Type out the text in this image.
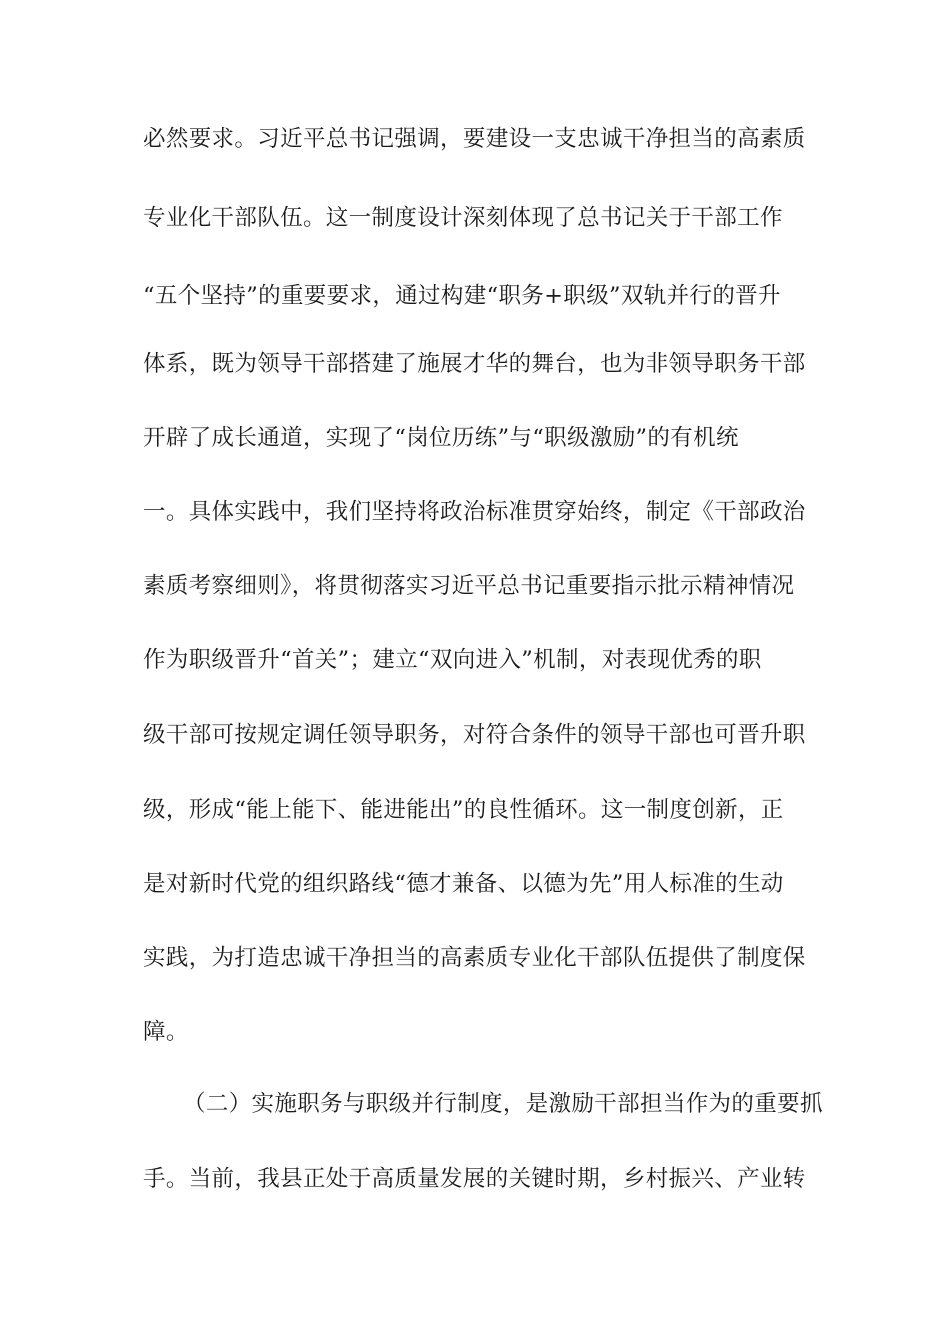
必然要求。习近平总书记强调，要建设一支忠诚干净担当的高素质
专业化干部队伍。这一制度设计深刻体现了总书记关于干部工作
“五个坚持”的重要要求，通过构建“职务+职级”双轨并行的晋升
体系，既为领导干部搭建了施展才华的舞台，也为非领导职务干部
开辟了成长通道，实现了“岗位历练”与“职级激励”的有机统
一。具体实践中，我们坚持将政治标准贯穿始终，制定《干部政治
素质考察细则》，将贯彻落实习近平总书记重要指示批示精神情况
作为职级晋升“首关”；建立“双向进入”机制，对表现优秀的职
级干部可按规定调任领导职务，对符合条件的领导干部也可晋升职
级，形成“能上能下、能进能出”的良性循环。这一制度创新，正
是对新时代党的组织路线“德才兼备、以德为先”用人标准的生动
实践，为打造忠诚干净担当的高素质专业化干部队伍提供了制度保
障。
（二）实施职务与职级并行制度，是激励干部担当作为的重要抓
手。当前，我县正处于高质量发展的关键时期，乡村振兴、产业转
